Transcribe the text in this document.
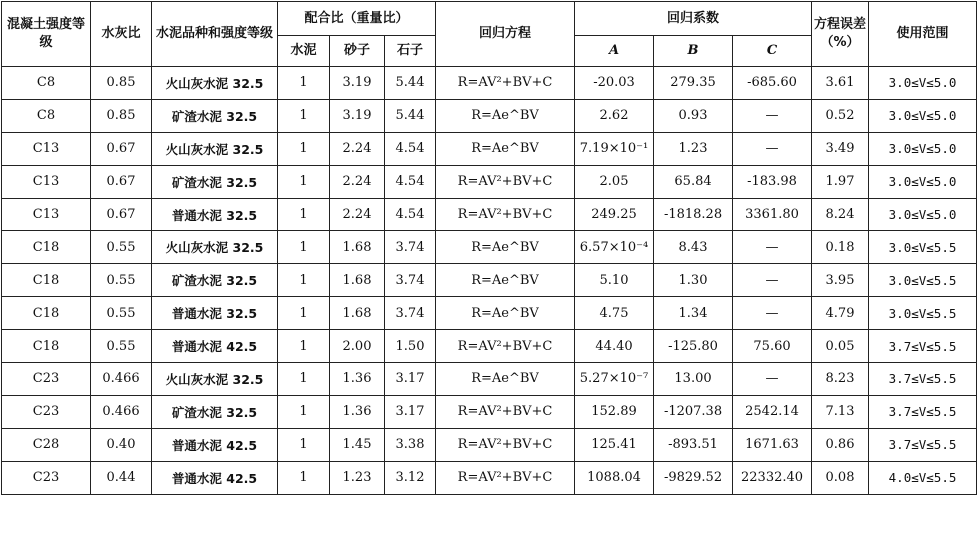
混凝土强度等级	水灰比	水泥品种和强度等级	配合比（重量比）			回归方程	回归系数			方程误差（%）	使用范围
			水泥	砂子	石子		A	B	C		
C8	0.85	火山灰水泥 32.5	1	3.19	5.44	R=AV²+BV+C	-20.03	279.35	-685.60	3.61	3.0≤V≤5.0
C8	0.85	矿渣水泥 32.5	1	3.19	5.44	R=Ae^BV	2.62	0.93	—	0.52	3.0≤V≤5.0
C13	0.67	火山灰水泥 32.5	1	2.24	4.54	R=Ae^BV	7.19×10⁻¹	1.23	—	3.49	3.0≤V≤5.0
C13	0.67	矿渣水泥 32.5	1	2.24	4.54	R=AV²+BV+C	2.05	65.84	-183.98	1.97	3.0≤V≤5.0
C13	0.67	普通水泥 32.5	1	2.24	4.54	R=AV²+BV+C	249.25	-1818.28	3361.80	8.24	3.0≤V≤5.0
C18	0.55	火山灰水泥 32.5	1	1.68	3.74	R=Ae^BV	6.57×10⁻⁴	8.43	—	0.18	3.0≤V≤5.5
C18	0.55	矿渣水泥 32.5	1	1.68	3.74	R=Ae^BV	5.10	1.30	—	3.95	3.0≤V≤5.5
C18	0.55	普通水泥 32.5	1	1.68	3.74	R=Ae^BV	4.75	1.34	—	4.79	3.0≤V≤5.5
C18	0.55	普通水泥 42.5	1	2.00	1.50	R=AV²+BV+C	44.40	-125.80	75.60	0.05	3.7≤V≤5.5
C23	0.466	火山灰水泥 32.5	1	1.36	3.17	R=Ae^BV	5.27×10⁻⁷	13.00	—	8.23	3.7≤V≤5.5
C23	0.466	矿渣水泥 32.5	1	1.36	3.17	R=AV²+BV+C	152.89	-1207.38	2542.14	7.13	3.7≤V≤5.5
C28	0.40	普通水泥 42.5	1	1.45	3.38	R=AV²+BV+C	125.41	-893.51	1671.63	0.86	3.7≤V≤5.5
C23	0.44	普通水泥 42.5	1	1.23	3.12	R=AV²+BV+C	1088.04	-9829.52	22332.40	0.08	4.0≤V≤5.5
